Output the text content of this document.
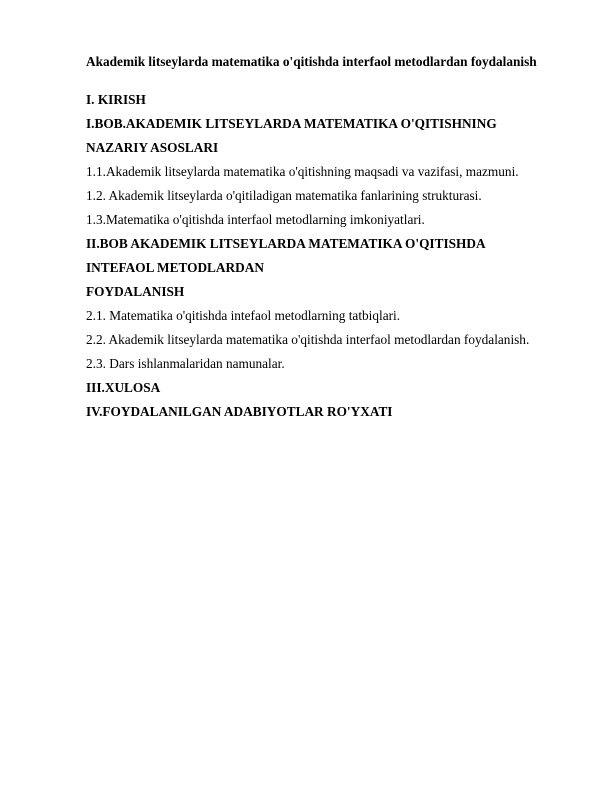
Akademik litseylarda matematika o'qitishda interfaol metodlardan foydalanish

I. KIRISH

I.BOB.AKADEMIK LITSEYLARDA MATEMATIKA O'QITISHNING

NAZARIY ASOSLARI

1.1.Akademik litseylarda matematika o'qitishning maqsadi va vazifasi, mazmuni.

1.2. Akademik litseylarda o'qitiladigan matematika fanlarining strukturasi.

1.3.Matematika o'qitishda interfaol metodlarning imkoniyatlari.

II.BOB AKADEMIK LITSEYLARDA MATEMATIKA O'QITISHDA

INTEFAOL METODLARDAN

FOYDALANISH

2.1. Matematika o'qitishda intefaol metodlarning tatbiqlari.

2.2. Akademik litseylarda matematika o'qitishda interfaol metodlardan foydalanish.

2.3. Dars ishlanmalaridan namunalar.

III.XULOSA

IV.FOYDALANILGAN ADABIYOTLAR RO'YXATI
